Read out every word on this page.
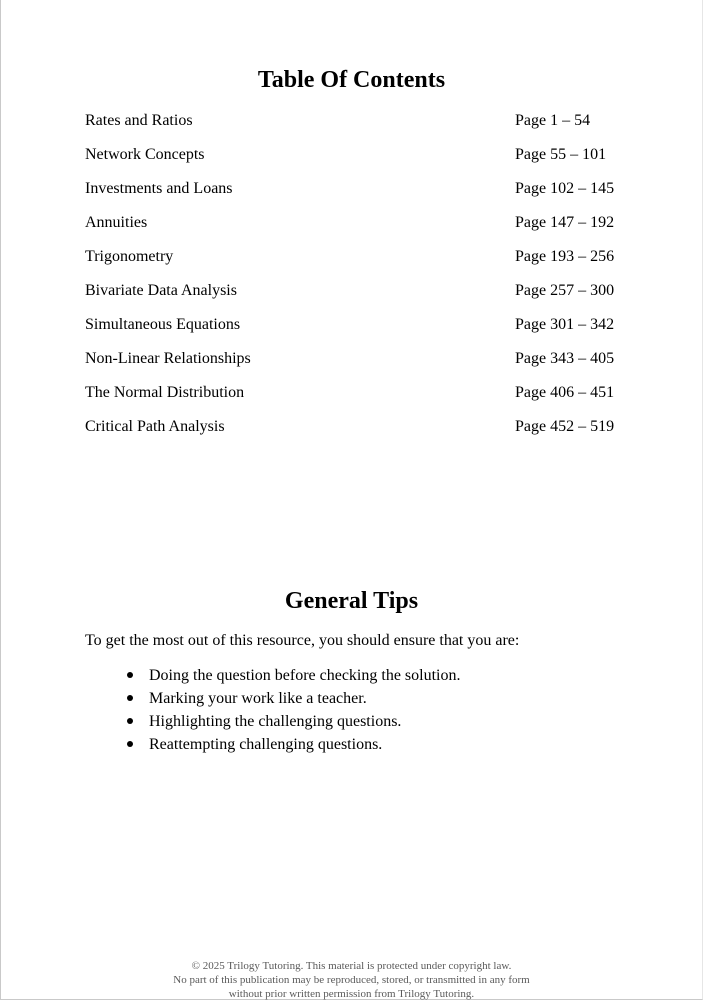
Table Of Contents
Rates and Ratios	Page 1 – 54
Network Concepts	Page 55 – 101
Investments and Loans	Page 102 – 145
Annuities	Page 147 – 192
Trigonometry	Page 193 – 256
Bivariate Data Analysis	Page 257 – 300
Simultaneous Equations	Page 301 – 342
Non-Linear Relationships	Page 343 – 405
The Normal Distribution	Page 406 – 451
Critical Path Analysis	Page 452 – 519
General Tips
To get the most out of this resource, you should ensure that you are:
Doing the question before checking the solution.
Marking your work like a teacher.
Highlighting the challenging questions.
Reattempting challenging questions.
© 2025 Trilogy Tutoring. This material is protected under copyright law.
No part of this publication may be reproduced, stored, or transmitted in any form
without prior written permission from Trilogy Tutoring.
